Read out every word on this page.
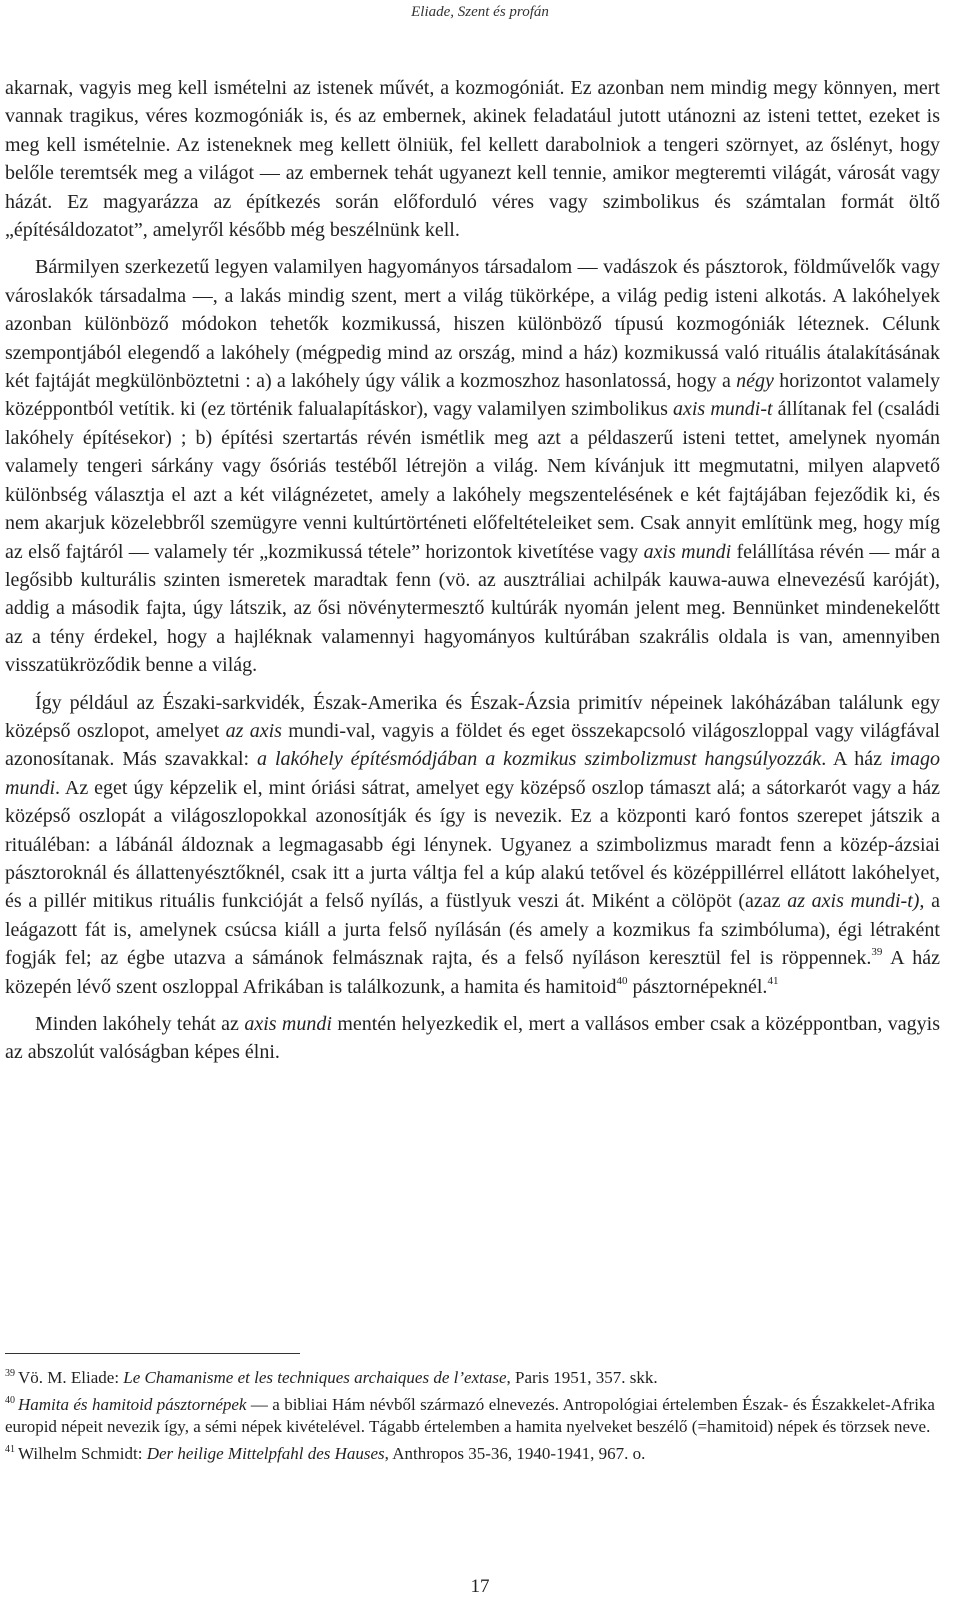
Eliade, Szent és profán

akarnak, vagyis meg kell ismételni az istenek művét, a kozmogóniát. Ez azonban nem mindig megy könnyen, mert vannak tragikus, véres kozmogóniák is, és az embernek, akinek feladatául jutott utánozni az isteni tettet, ezeket is meg kell ismételnie. Az isteneknek meg kellett ölniük, fel kellett darabolniok a tengeri szörnyet, az őslényt, hogy belőle teremtsék meg a világot — az embernek tehát ugyanezt kell tennie, amikor megteremti világát, városát vagy házát. Ez magyarázza az építkezés során előforduló véres vagy szimbolikus és számtalan formát öltő „építésáldozatot”, amelyről később még beszélnünk kell.

Bármilyen szerkezetű legyen valamilyen hagyományos társadalom — vadászok és pásztorok, földművelők vagy városlakók társadalma —, a lakás mindig szent, mert a világ tükörképe, a világ pedig isteni alkotás. A lakóhelyek azonban különböző módokon tehetők kozmikussá, hiszen különböző típusú kozmogóniák léteznek. Célunk szempontjából elegendő a lakóhely (mégpedig mind az ország, mind a ház) kozmikussá való rituális átalakításának két fajtáját megkülönböztetni : a) a lakóhely úgy válik a kozmoszhoz hasonlatossá, hogy a négy horizontot valamely középpontból vetítik. ki (ez történik falualapításkor), vagy valamilyen szimbolikus axis mundi-t állítanak fel (családi lakóhely építésekor) ; b) építési szertartás révén ismétlik meg azt a példaszerű isteni tettet, amelynek nyomán valamely tengeri sárkány vagy ősóriás testéből létrejön a világ. Nem kívánjuk itt megmutatni, milyen alapvető különbség választja el azt a két világnézetet, amely a lakóhely megszentelésének e két fajtájában fejeződik ki, és nem akarjuk közelebbről szemügyre venni kultúrtörténeti előfeltételeiket sem. Csak annyit említünk meg, hogy míg az első fajtáról — valamely tér „kozmikussá tétele” horizontok kivetítése vagy axis mundi felállítása révén — már a legősibb kulturális szinten ismeretek maradtak fenn (vö. az ausztráliai achilpák kauwa-auwa elnevezésű karóját), addig a második fajta, úgy látszik, az ősi növénytermesztő kultúrák nyomán jelent meg. Bennünket mindenekelőtt az a tény érdekel, hogy a hajléknak valamennyi hagyományos kultúrában szakrális oldala is van, amennyiben visszatükröződik benne a világ.

Így például az Északi-sarkvidék, Észak-Amerika és Észak-Ázsia primitív népeinek lakóházában találunk egy középső oszlopot, amelyet az axis mundi-val, vagyis a földet és eget összekapcsoló világoszloppal vagy világfával azonosítanak. Más szavakkal: a lakóhely építésmódjában a kozmikus szimbolizmust hangsúlyozzák. A ház imago mundi. Az eget úgy képzelik el, mint óriási sátrat, amelyet egy középső oszlop támaszt alá; a sátorkarót vagy a ház középső oszlopát a világoszlopokkal azonosítják és így is nevezik. Ez a központi karó fontos szerepet játszik a rituáléban: a lábánál áldoznak a legmagasabb égi lénynek. Ugyanez a szimbolizmus maradt fenn a közép-ázsiai pásztoroknál és állattenyésztőknél, csak itt a jurta váltja fel a kúp alakú tetővel és középpillérrel ellátott lakóhelyet, és a pillér mitikus rituális funkcióját a felső nyílás, a füstlyuk veszi át. Miként a cölöpöt (azaz az axis mundi-t), a leágazott fát is, amelynek csúcsa kiáll a jurta felső nyílásán (és amely a kozmikus fa szimbóluma), égi létraként fogják fel; az égbe utazva a sámánok felmásznak rajta, és a felső nyíláson keresztül fel is röppennek.$^{39}$ A ház közepén lévő szent oszloppal Afrikában is találkozunk, a hamita és hamitoid$^{40}$ pásztornépeknél.$^{41}$

Minden lakóhely tehát az axis mundi mentén helyezkedik el, mert a vallásos ember csak a középpontban, vagyis az abszolút valóságban képes élni.

$^{39}$ Vö. M. Eliade: Le Chamanisme et les techniques archaiques de l’extase, Paris 1951, 357. skk.
$^{40}$ Hamita és hamitoid pásztornépek — a bibliai Hám névből származó elnevezés. Antropológiai értelemben Észak- és Északkelet-Afrika europid népeit nevezik így, a sémi népek kivételével. Tágabb értelemben a hamita nyelveket beszélő (=hamitoid) népek és törzsek neve.
$^{41}$ Wilhelm Schmidt: Der heilige Mittelpfahl des Hauses, Anthropos 35-36, 1940-1941, 967. o.
17
